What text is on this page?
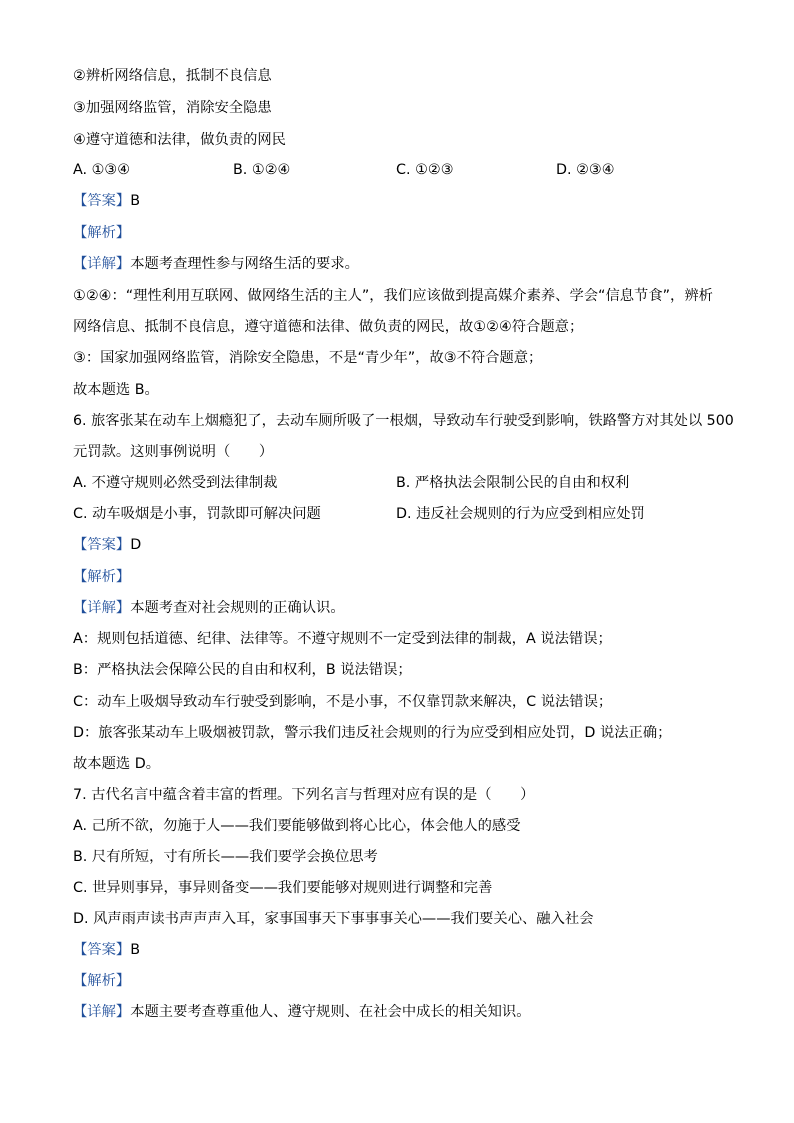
②辨析网络信息，抵制不良信息
③加强网络监管，消除安全隐患
④遵守道德和法律，做负责的网民
A. ①③④	B. ①②④	C. ①②③	D. ②③④
【答案】B
【解析】
【详解】本题考查理性参与网络生活的要求。
①②④：“理性利用互联网、做网络生活的主人”，我们应该做到提高媒介素养、学会“信息节食”，辨析
网络信息、抵制不良信息，遵守道德和法律、做负责的网民，故①②④符合题意；
③：国家加强网络监管，消除安全隐患，不是“青少年”，故③不符合题意；
故本题选 B。
6. 旅客张某在动车上烟瘾犯了，去动车厕所吸了一根烟，导致动车行驶受到影响，铁路警方对其处以 500
元罚款。这则事例说明（　　）
A. 不遵守规则必然受到法律制裁	B. 严格执法会限制公民的自由和权利
C. 动车吸烟是小事，罚款即可解决问题	D. 违反社会规则的行为应受到相应处罚
【答案】D
【解析】
【详解】本题考查对社会规则的正确认识。
A：规则包括道德、纪律、法律等。不遵守规则不一定受到法律的制裁，A 说法错误；
B：严格执法会保障公民的自由和权利，B 说法错误；
C：动车上吸烟导致动车行驶受到影响，不是小事，不仅靠罚款来解决，C 说法错误；
D：旅客张某动车上吸烟被罚款，警示我们违反社会规则的行为应受到相应处罚，D 说法正确；
故本题选 D。
7. 古代名言中蕴含着丰富的哲理。下列名言与哲理对应有误的是（　　）
A. 己所不欲，勿施于人——我们要能够做到将心比心，体会他人的感受
B. 尺有所短，寸有所长——我们要学会换位思考
C. 世异则事异，事异则备变——我们要能够对规则进行调整和完善
D. 风声雨声读书声声声入耳，家事国事天下事事事关心——我们要关心、融入社会
【答案】B
【解析】
【详解】本题主要考查尊重他人、遵守规则、在社会中成长的相关知识。
